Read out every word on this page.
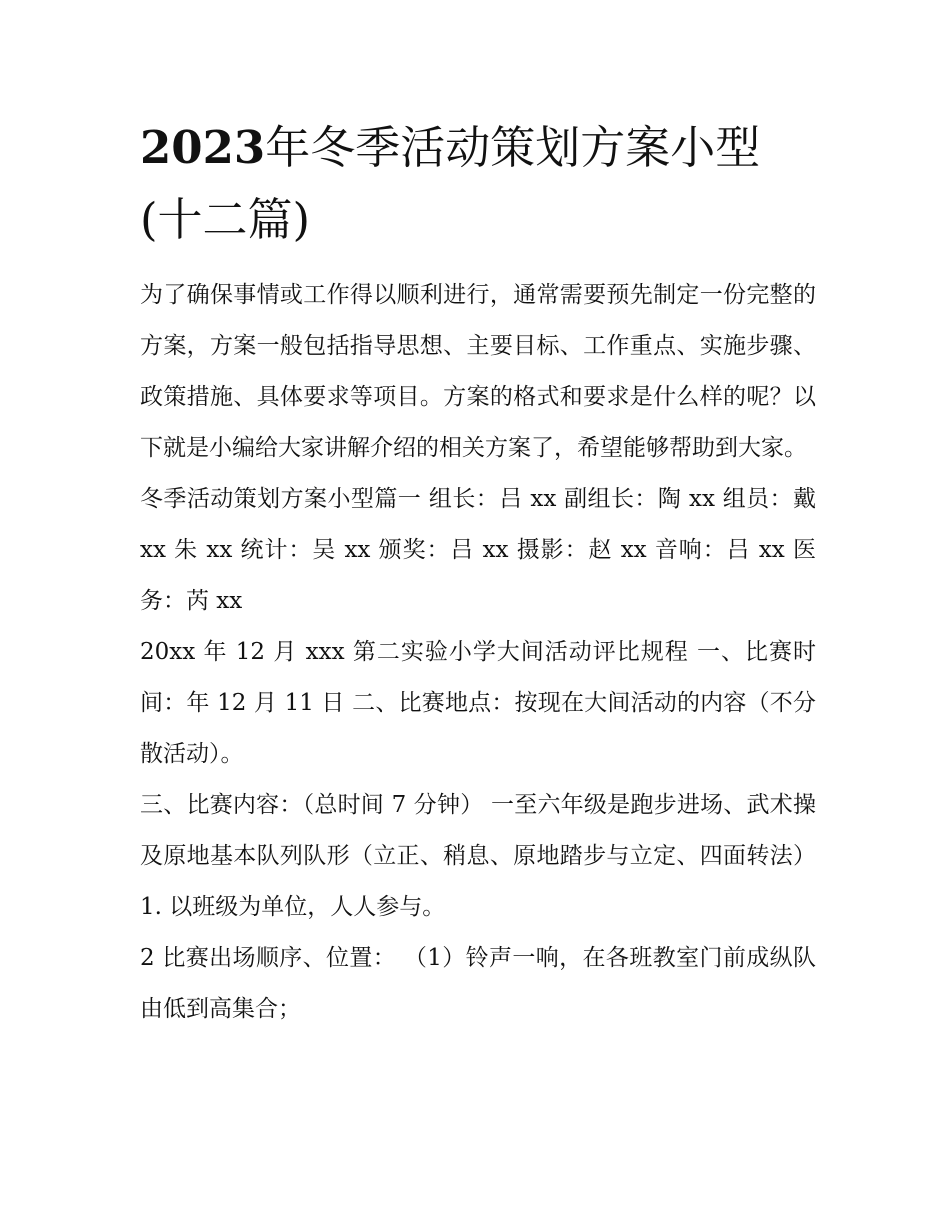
2023年冬季活动策划方案小型(十二篇)

为了确保事情或工作得以顺利进行，通常需要预先制定一份完整的方案，方案一般包括指导思想、主要目标、工作重点、实施步骤、政策措施、具体要求等项目。方案的格式和要求是什么样的呢？以下就是小编给大家讲解介绍的相关方案了，希望能够帮助到大家。

冬季活动策划方案小型篇一 组长：吕 xx 副组长：陶 xx 组员：戴 xx 朱 xx 统计：吴 xx 颁奖：吕 xx 摄影：赵 xx 音响：吕 xx 医务：芮 xx

20xx 年 12 月 xxx 第二实验小学大间活动评比规程 一、比赛时间：年 12 月 11 日 二、比赛地点：按现在大间活动的内容（不分散活动）。

三、比赛内容：（总时间 7 分钟） 一至六年级是跑步进场、武术操及原地基本队列队形（立正、稍息、原地踏步与立定、四面转法） 1. 以班级为单位，人人参与。

2 比赛出场顺序、位置： （1）铃声一响，在各班教室门前成纵队由低到高集合；
